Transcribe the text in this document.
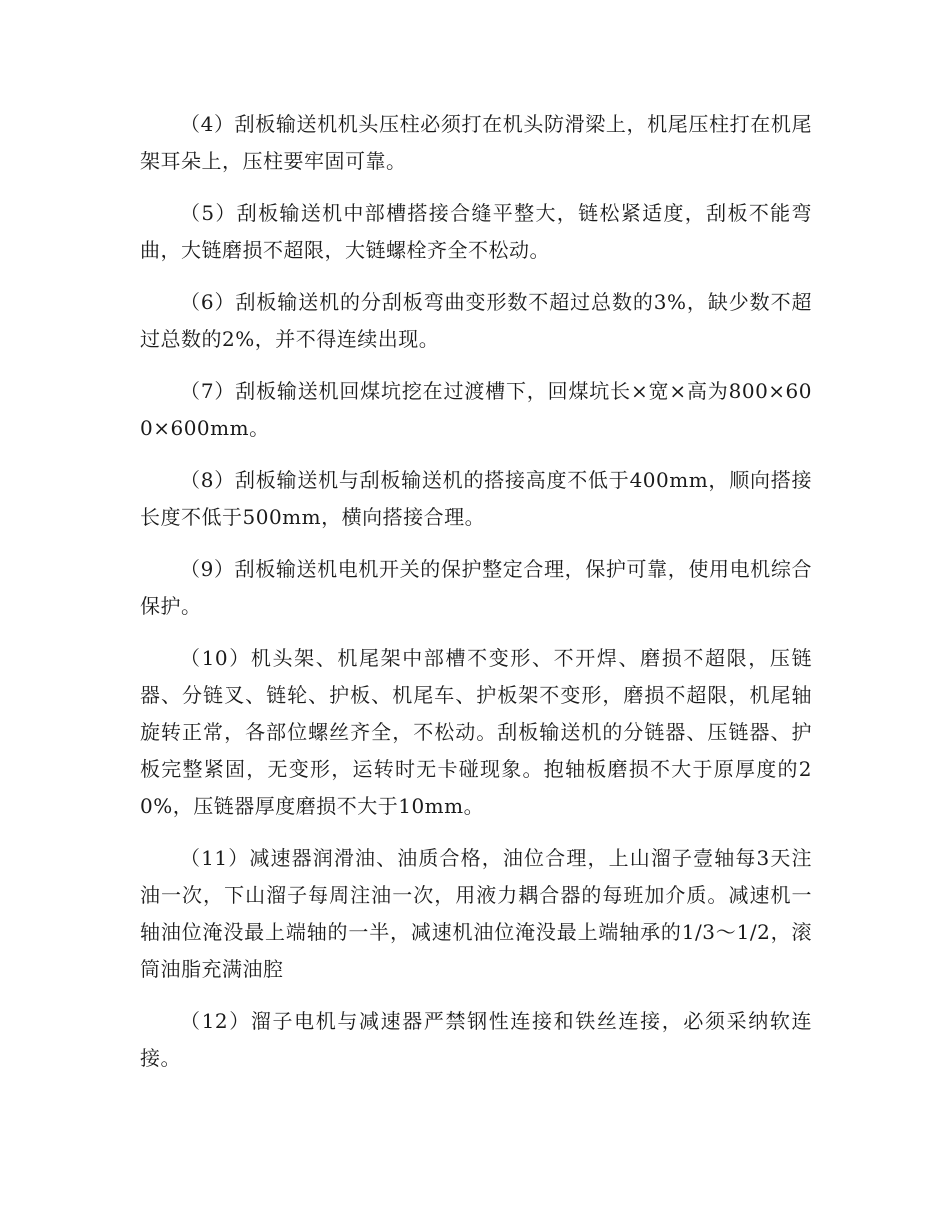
（4）刮板输送机机头压柱必须打在机头防滑梁上，机尾压柱打在机尾架耳朵上，压柱要牢固可靠。

（5）刮板输送机中部槽搭接合缝平整大，链松紧适度，刮板不能弯曲，大链磨损不超限，大链螺栓齐全不松动。

（6）刮板输送机的分刮板弯曲变形数不超过总数的3%，缺少数不超过总数的2%，并不得连续出现。

（7）刮板输送机回煤坑挖在过渡槽下，回煤坑长×宽×高为800×600×600mm。

（8）刮板输送机与刮板输送机的搭接高度不低于400mm，顺向搭接长度不低于500mm，横向搭接合理。

（9）刮板输送机电机开关的保护整定合理，保护可靠，使用电机综合保护。

（10）机头架、机尾架中部槽不变形、不开焊、磨损不超限，压链器、分链叉、链轮、护板、机尾车、护板架不变形，磨损不超限，机尾轴旋转正常，各部位螺丝齐全，不松动。刮板输送机的分链器、压链器、护板完整紧固，无变形，运转时无卡碰现象。抱轴板磨损不大于原厚度的20%，压链器厚度磨损不大于10mm。

（11）减速器润滑油、油质合格，油位合理，上山溜子壹轴每3天注油一次，下山溜子每周注油一次，用液力耦合器的每班加介质。减速机一轴油位淹没最上端轴的一半，减速机油位淹没最上端轴承的1/3～1/2，滚筒油脂充满油腔

（12）溜子电机与减速器严禁钢性连接和铁丝连接，必须采纳软连接。
